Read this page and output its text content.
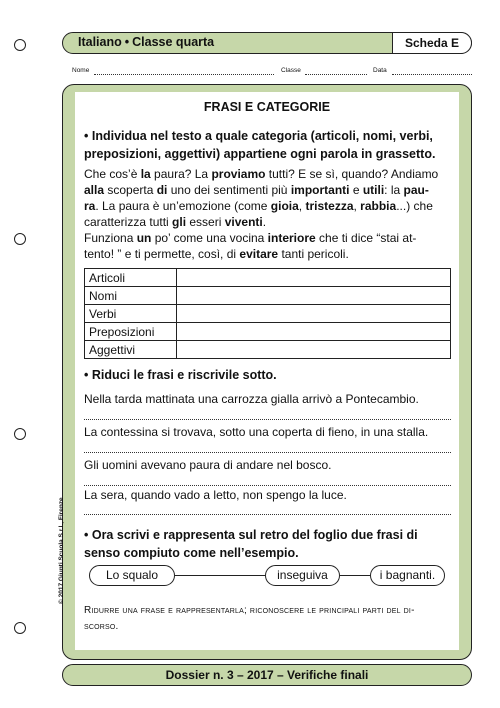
Italiano • Classe quarta	Scheda E
Nome	Classe	Data
FRASI E CATEGORIE
• Individua nel testo a quale categoria (articoli, nomi, verbi,
preposizioni, aggettivi) appartiene ogni parola in grassetto.
Che cos’è la paura? La proviamo tutti? E se sì, quando? Andiamo
alla scoperta di uno dei sentimenti più importanti e utili: la pau-
ra. La paura è un’emozione (come gioia, tristezza, rabbia...) che
caratterizza tutti gli esseri viventi.
Funziona un po’ come una vocina interiore che ti dice “stai at-
tento! ” e ti permette, così, di evitare tanti pericoli.
Articoli	
Nomi	
Verbi	
Preposizioni	
Aggettivi	
• Riduci le frasi e riscrivile sotto.
Nella tarda mattinata una carrozza gialla arrivò a Pontecambio.
La contessina si trovava, sotto una coperta di fieno, in una stalla.
Gli uomini avevano paura di andare nel bosco.
La sera, quando vado a letto, non spengo la luce.
• Ora scrivi e rappresenta sul retro del foglio due frasi di
senso compiuto come nell’esempio.
Lo squalo	inseguiva	i bagnanti.
Ridurre una frase e rappresentarla; riconoscere le principali parti del di-
scorso.
Dossier n. 3 – 2017 – Verifiche finali
© 2017 Giunti Scuola S.r.l., Firenze
